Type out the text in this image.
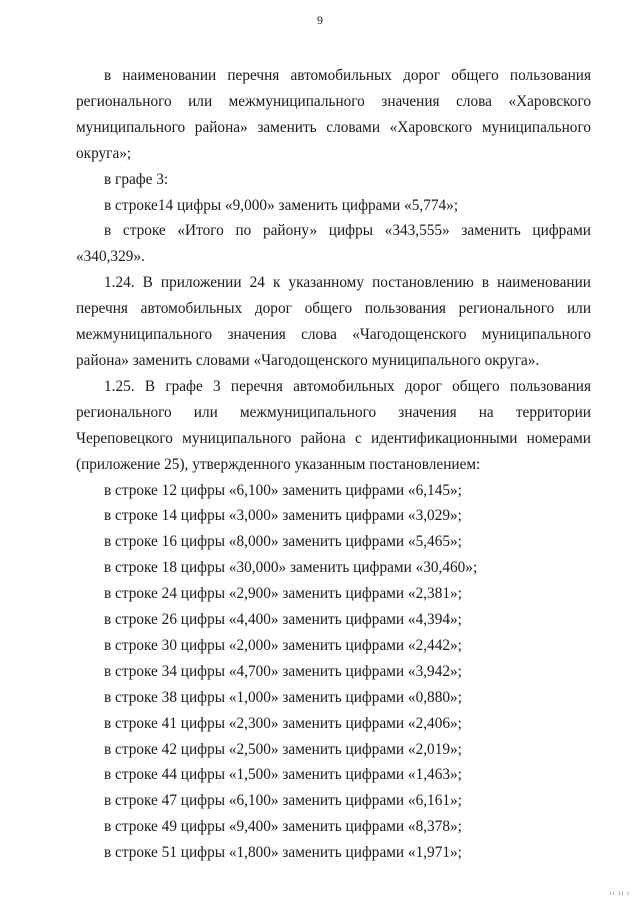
9

в наименовании перечня автомобильных дорог общего пользования регионального или межмуниципального значения слова «Харовского муниципального района» заменить словами «Харовского муниципального округа»;

в графе 3:

в строке14 цифры «9,000» заменить цифрами «5,774»;

в строке «Итого по району» цифры «343,555» заменить цифрами «340,329».

1.24. В приложении 24 к указанному постановлению в наименовании перечня автомобильных дорог общего пользования регионального или межмуниципального значения слова «Чагодощенского муниципального района» заменить словами «Чагодощенского муниципального округа».

1.25. В графе 3 перечня автомобильных дорог общего пользования регионального или межмуниципального значения на территории Череповецкого муниципального района с идентификационными номерами (приложение 25), утвержденного указанным постановлением:

в строке 12 цифры «6,100» заменить цифрами «6,145»;

в строке 14 цифры «3,000» заменить цифрами «3,029»;

в строке 16 цифры «8,000» заменить цифрами «5,465»;

в строке 18 цифры «30,000» заменить цифрами «30,460»;

в строке 24 цифры «2,900» заменить цифрами «2,381»;

в строке 26 цифры «4,400» заменить цифрами «4,394»;

в строке 30 цифры «2,000» заменить цифрами «2,442»;

в строке 34 цифры «4,700» заменить цифрами «3,942»;

в строке 38 цифры «1,000» заменить цифрами «0,880»;

в строке 41 цифры «2,300» заменить цифрами «2,406»;

в строке 42 цифры «2,500» заменить цифрами «2,019»;

в строке 44 цифры «1,500» заменить цифрами «1,463»;

в строке 47 цифры «6,100» заменить цифрами «6,161»;

в строке 49 цифры «9,400» заменить цифрами «8,378»;

в строке 51 цифры «1,800» заменить цифрами «1,971»;

ıı ıı ı
